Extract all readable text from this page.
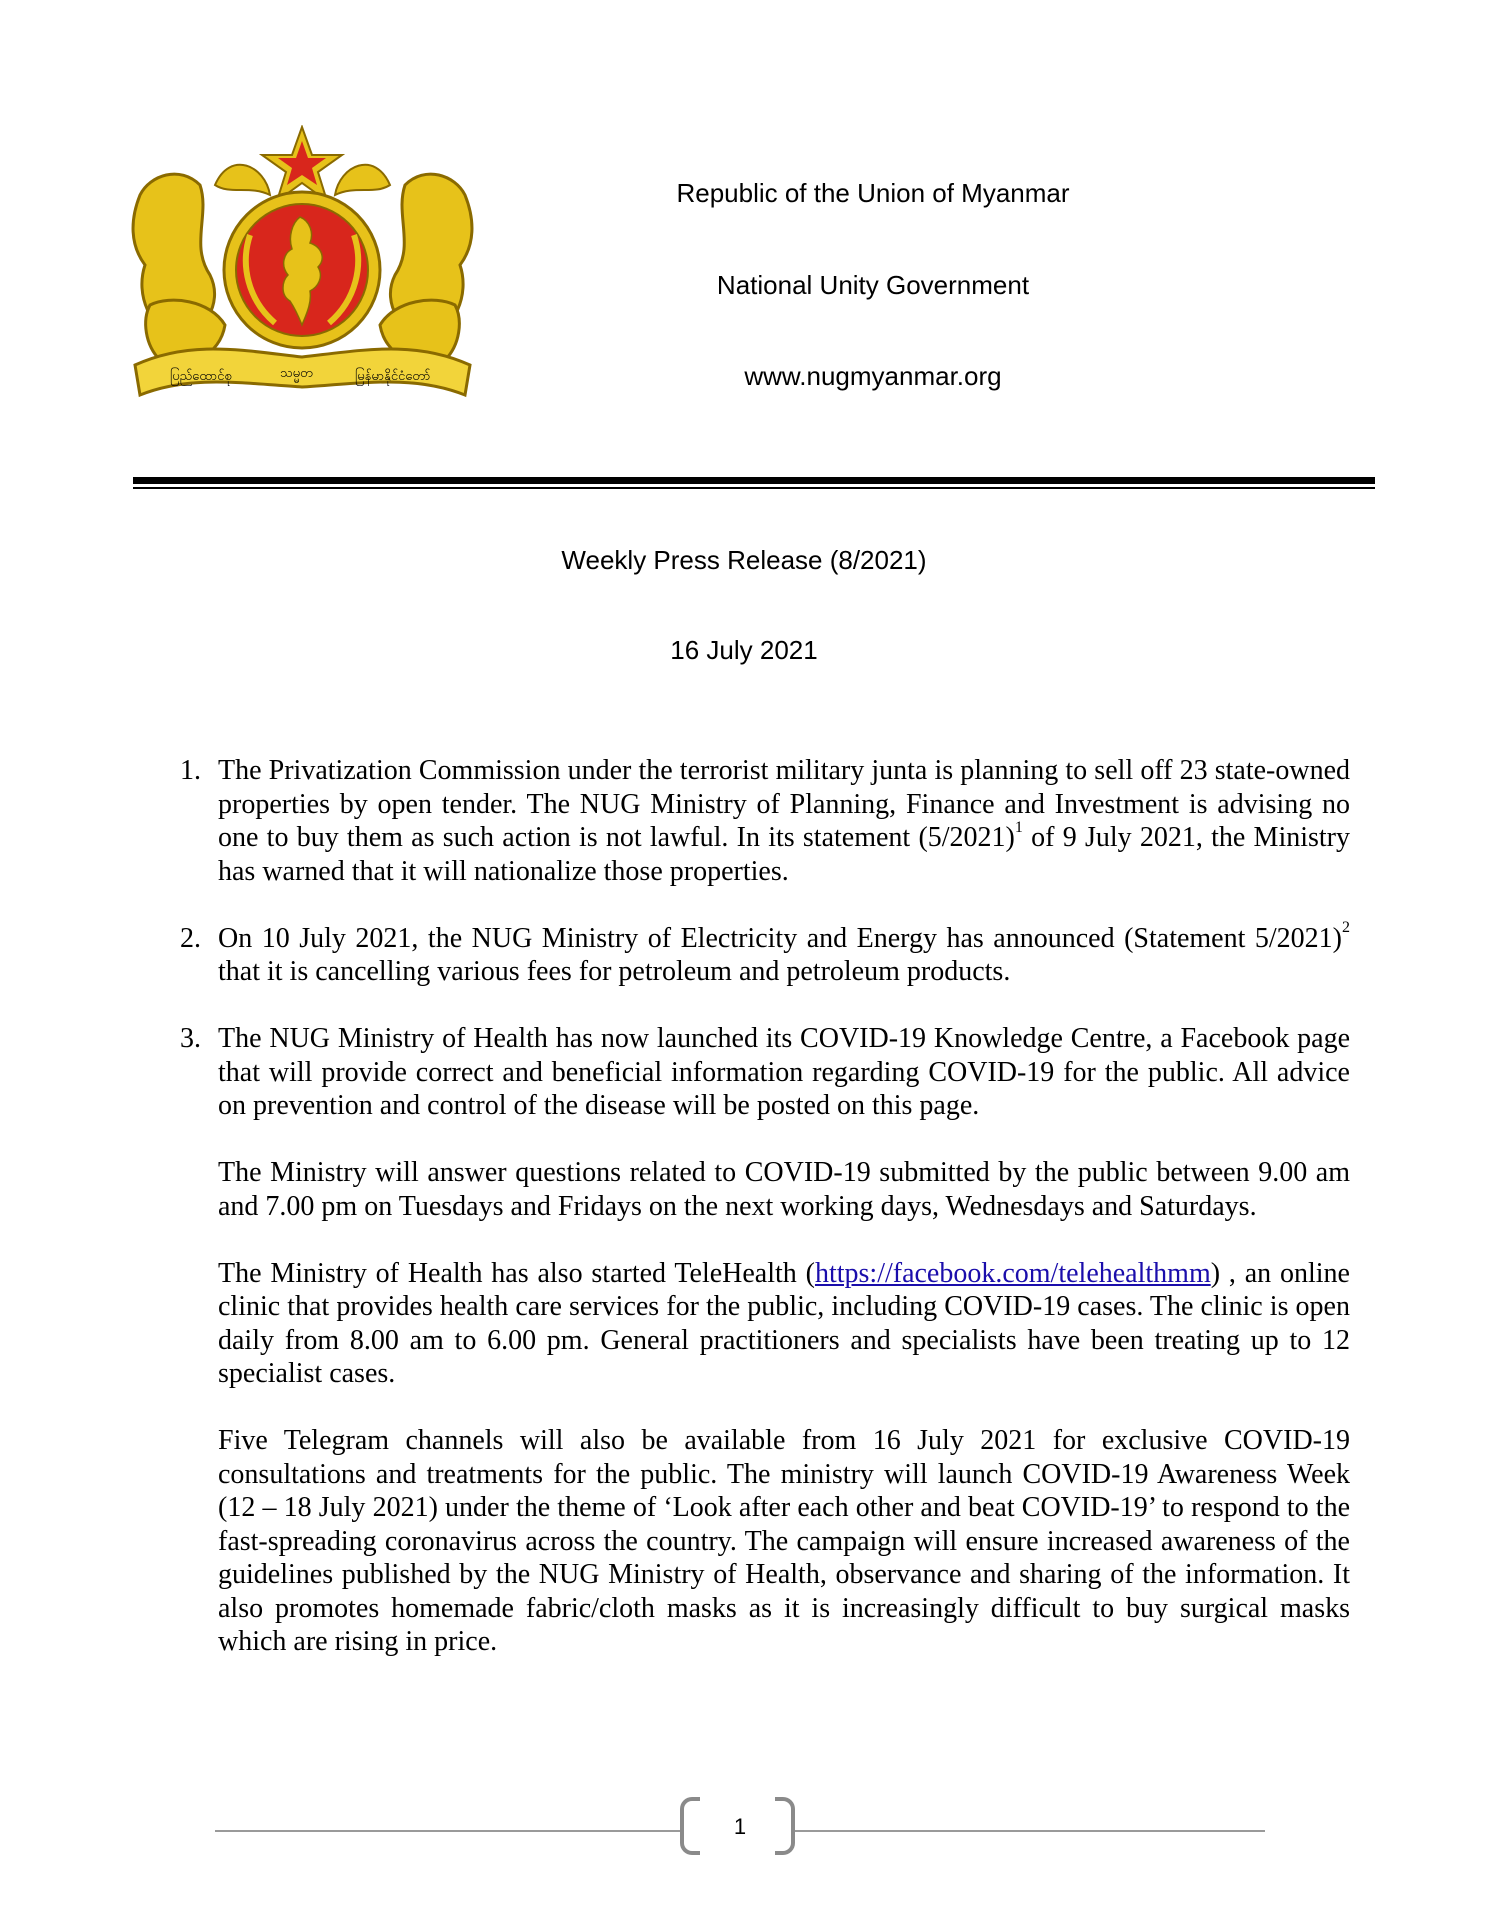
ပြည်ထောင်စု	သမ္မတ	မြန်မာနိုင်ငံတော်
Republic of the Union of Myanmar
National Unity Government
www.nugmyanmar.org
Weekly Press Release (8/2021)
16 July 2021
1. The Privatization Commission under the terrorist military junta is planning to sell off 23 state-owned properties by open tender. The NUG Ministry of Planning, Finance and Investment is advising no one to buy them as such action is not lawful. In its statement $(5/2021)^1$ of 9 July 2021, the Ministry has warned that it will nationalize those properties.

2. On 10 July 2021, the NUG Ministry of Electricity and Energy has announced (Statement 5/2021)$^2$ that it is cancelling various fees for petroleum and petroleum products.

3. The NUG Ministry of Health has now launched its COVID-19 Knowledge Centre, a Facebook page that will provide correct and beneficial information regarding COVID-19 for the public. All advice on prevention and control of the disease will be posted on this page.

The Ministry will answer questions related to COVID-19 submitted by the public between 9.00 am and 7.00 pm on Tuesdays and Fridays on the next working days, Wednesdays and Saturdays.

The Ministry of Health has also started TeleHealth (https://facebook.com/telehealthmm) , an online clinic that provides health care services for the public, including COVID-19 cases. The clinic is open daily from 8.00 am to 6.00 pm. General practitioners and specialists have been treating up to 12 specialist cases.

Five Telegram channels will also be available from 16 July 2021 for exclusive COVID-19 consultations and treatments for the public. The ministry will launch COVID-19 Awareness Week (12 – 18 July 2021) under the theme of ‘Look after each other and beat COVID-19’ to respond to the fast-spreading coronavirus across the country. The campaign will ensure increased awareness of the guidelines published by the NUG Ministry of Health, observance and sharing of the information. It also promotes homemade fabric/cloth masks as it is increasingly difficult to buy surgical masks which are rising in price.

1
